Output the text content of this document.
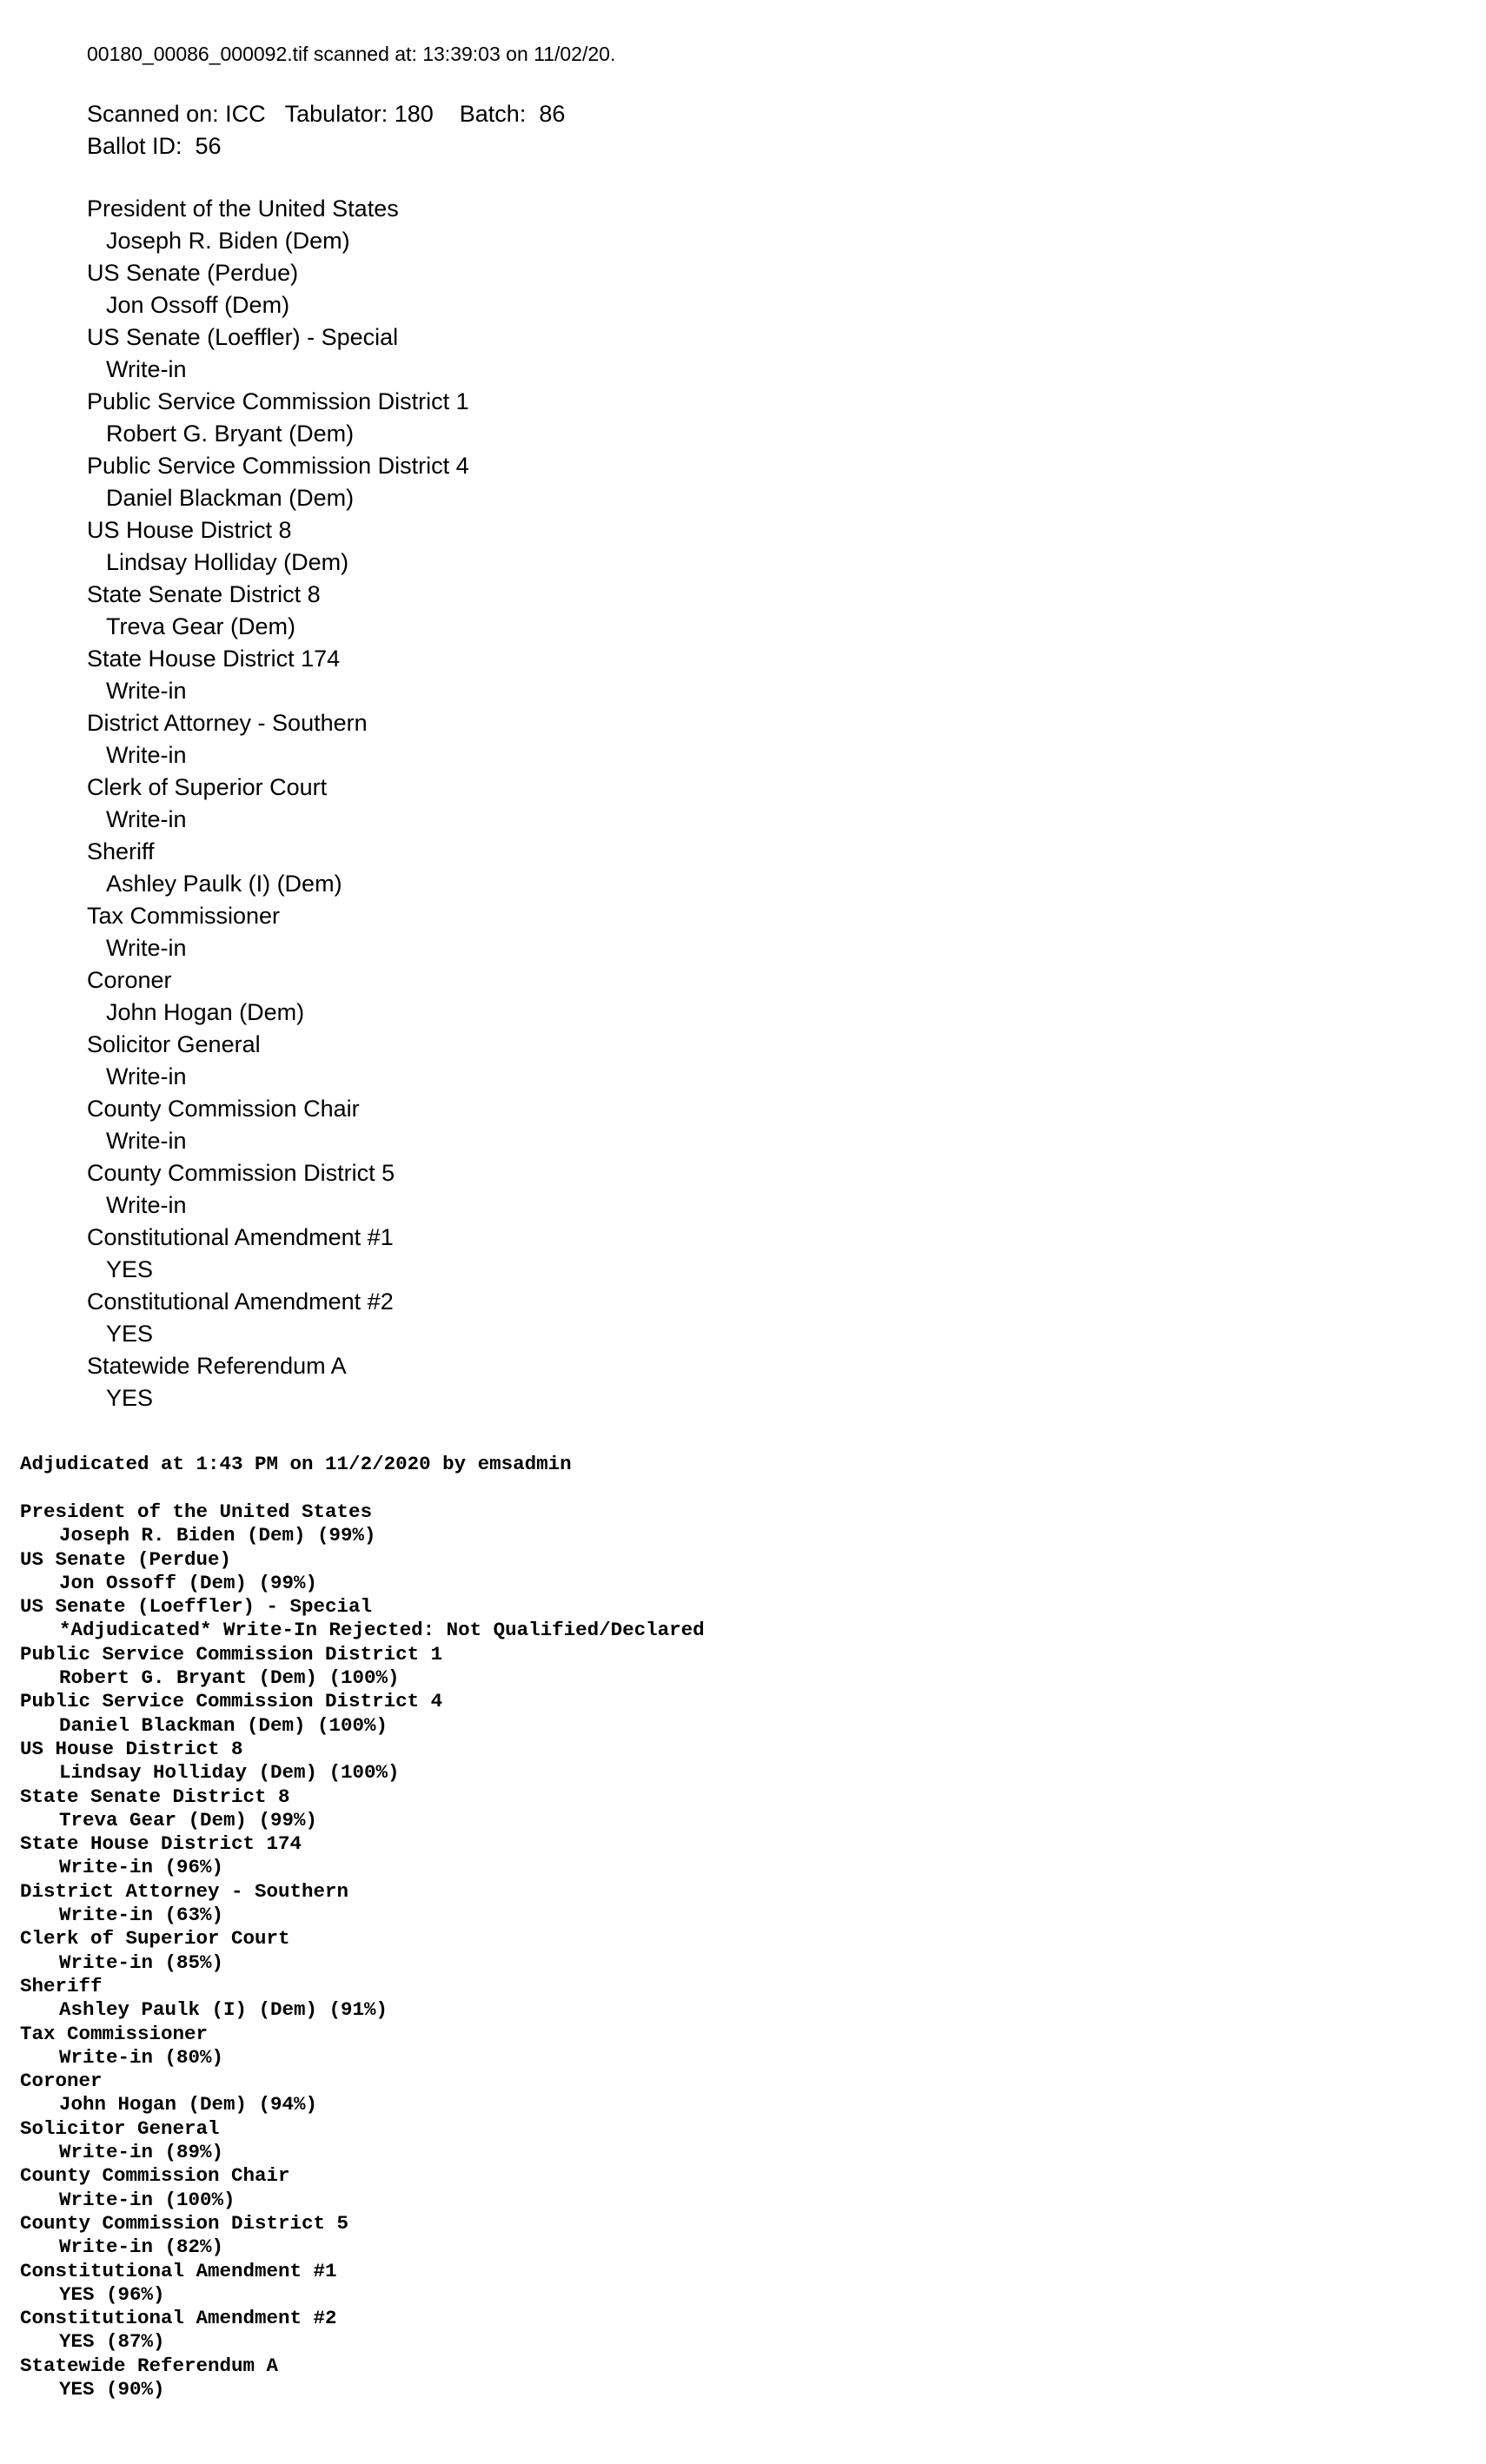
00180_00086_000092.tif scanned at: 13:39:03 on 11/02/20.
Scanned on: ICC   Tabulator: 180    Batch:  86
Ballot ID:  56
President of the United States
Joseph R. Biden (Dem)
US Senate (Perdue)
Jon Ossoff (Dem)
US Senate (Loeffler) - Special
Write-in
Public Service Commission District 1
Robert G. Bryant (Dem)
Public Service Commission District 4
Daniel Blackman (Dem)
US House District 8
Lindsay Holliday (Dem)
State Senate District 8
Treva Gear (Dem)
State House District 174
Write-in
District Attorney - Southern
Write-in
Clerk of Superior Court
Write-in
Sheriff
Ashley Paulk (I) (Dem)
Tax Commissioner
Write-in
Coroner
John Hogan (Dem)
Solicitor General
Write-in
County Commission Chair
Write-in
County Commission District 5
Write-in
Constitutional Amendment #1
YES
Constitutional Amendment #2
YES
Statewide Referendum A
YES
Adjudicated at 1:43 PM on 11/2/2020 by emsadmin
President of the United States
Joseph R. Biden (Dem) (99%)
US Senate (Perdue)
Jon Ossoff (Dem) (99%)
US Senate (Loeffler) - Special
*Adjudicated* Write-In Rejected: Not Qualified/Declared
Public Service Commission District 1
Robert G. Bryant (Dem) (100%)
Public Service Commission District 4
Daniel Blackman (Dem) (100%)
US House District 8
Lindsay Holliday (Dem) (100%)
State Senate District 8
Treva Gear (Dem) (99%)
State House District 174
Write-in (96%)
District Attorney - Southern
Write-in (63%)
Clerk of Superior Court
Write-in (85%)
Sheriff
Ashley Paulk (I) (Dem) (91%)
Tax Commissioner
Write-in (80%)
Coroner
John Hogan (Dem) (94%)
Solicitor General
Write-in (89%)
County Commission Chair
Write-in (100%)
County Commission District 5
Write-in (82%)
Constitutional Amendment #1
YES (96%)
Constitutional Amendment #2
YES (87%)
Statewide Referendum A
YES (90%)
